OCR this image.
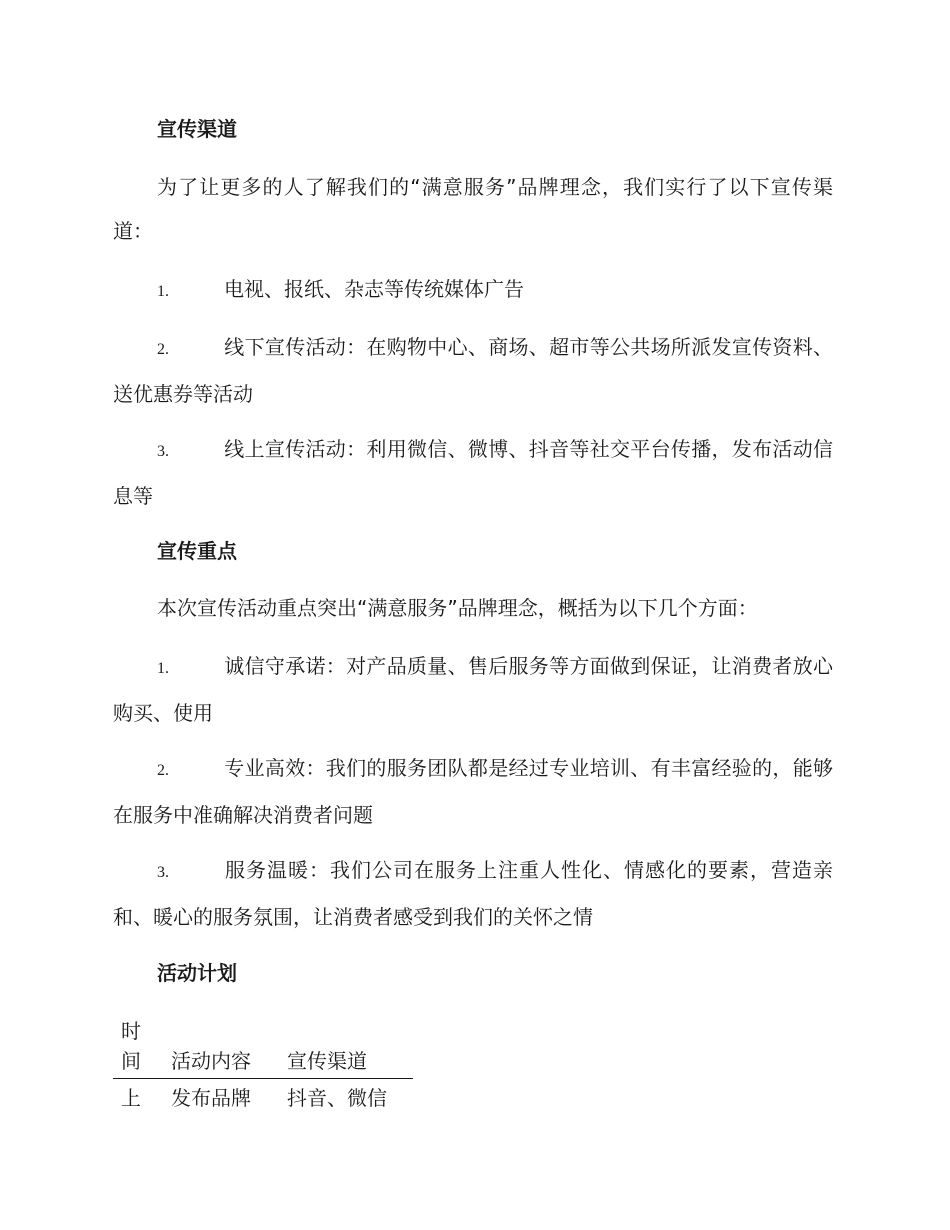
宣传渠道
为了让更多的人了解我们的“满意服务”品牌理念，我们实行了以下宣传渠道：
1.	电视、报纸、杂志等传统媒体广告
2.	线下宣传活动：在购物中心、商场、超市等公共场所派发宣传资料、送优惠券等活动
3.	线上宣传活动：利用微信、微博、抖音等社交平台传播，发布活动信息等
宣传重点
本次宣传活动重点突出“满意服务”品牌理念，概括为以下几个方面：
1.	诚信守承诺：对产品质量、售后服务等方面做到保证，让消费者放心购买、使用
2.	专业高效：我们的服务团队都是经过专业培训、有丰富经验的，能够在服务中准确解决消费者问题
3.	服务温暖：我们公司在服务上注重人性化、情感化的要素，营造亲和、暖心的服务氛围，让消费者感受到我们的关怀之情
活动计划
时间	活动内容	宣传渠道
上	发布品牌	抖音、微信
